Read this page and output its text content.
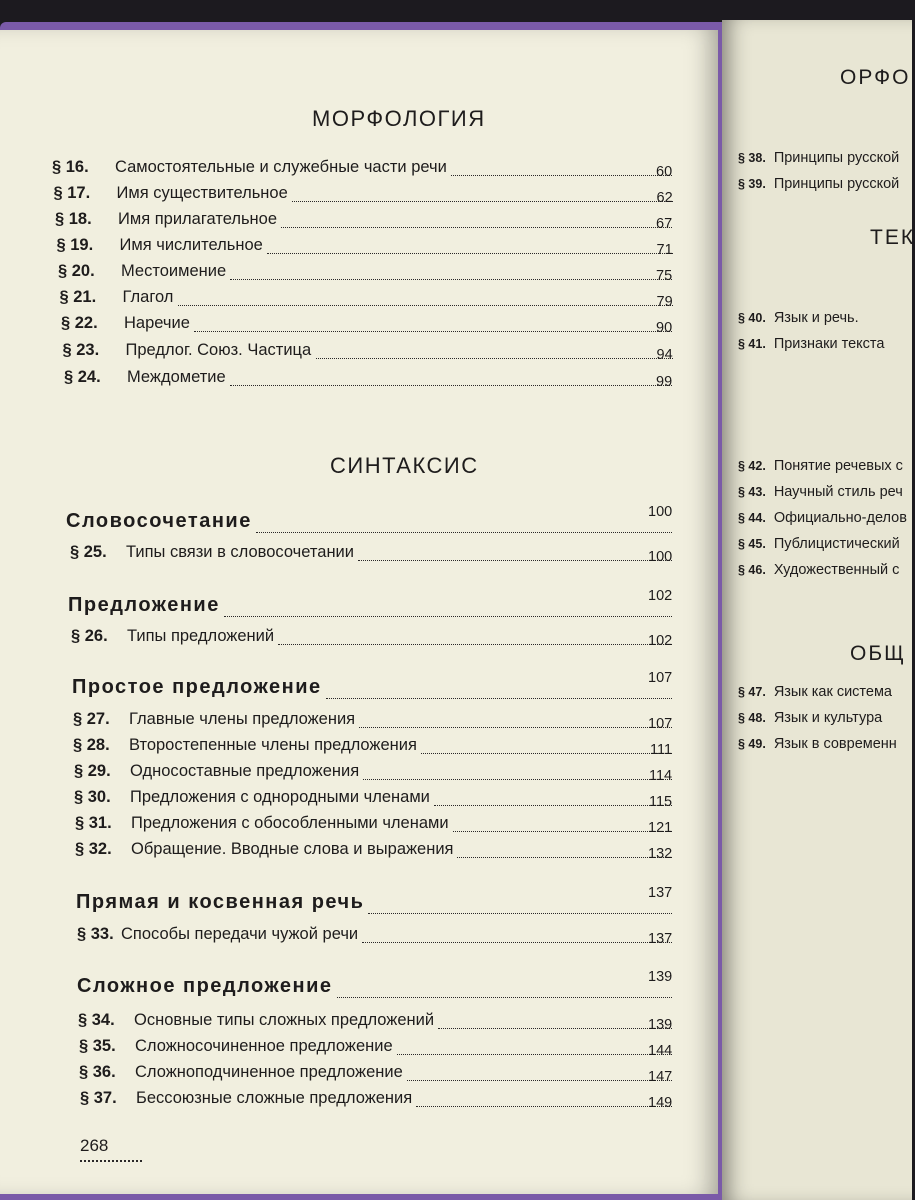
МОРФОЛОГИЯ
§ 16. Самостоятельные и служебные части речи	60
§ 17. Имя существительное	62
§ 18. Имя прилагательное	67
§ 19. Имя числительное	71
§ 20. Местоимение	75
§ 21. Глагол	79
§ 22. Наречие	90
§ 23. Предлог. Союз. Частица	94
§ 24. Междометие	99
СИНТАКСИС
Словосочетание	100
§ 25. Типы связи в словосочетании	100
Предложение	102
§ 26. Типы предложений	102
Простое предложение	107
§ 27. Главные члены предложения	107
§ 28. Второстепенные члены предложения	111
§ 29. Односоставные предложения	114
§ 30. Предложения с однородными членами	115
§ 31. Предложения с обособленными членами	121
§ 32. Обращение. Вводные слова и выражения	132
Прямая и косвенная речь	137
§ 33. Способы передачи чужой речи	137
Сложное предложение	139
§ 34. Основные типы сложных предложений	139
§ 35. Сложносочиненное предложение	144
§ 36. Сложноподчиненное предложение	147
§ 37. Бессоюзные сложные предложения	149
268
ОРФО
ТЕК
ОБЩ
§ 38. Принципы русской
§ 39. Принципы русской
§ 40. Язык и речь.
§ 41. Признаки текста
§ 42. Понятие речевых с
§ 43. Научный стиль реч
§ 44. Официально-делов
§ 45. Публицистический
§ 46. Художественный с
§ 47. Язык как система
§ 48. Язык и культура
§ 49. Язык в современн
